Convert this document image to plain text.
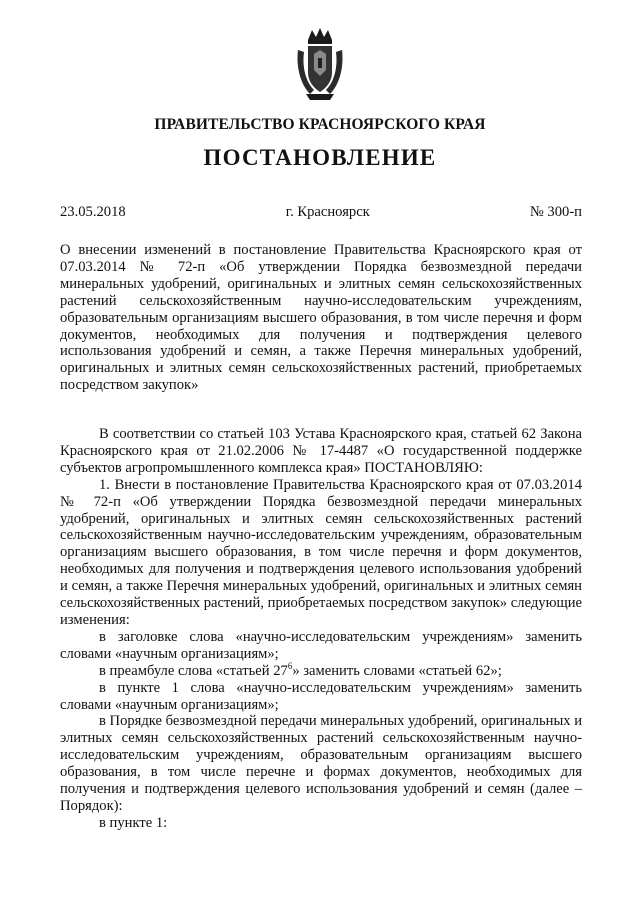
ПРАВИТЕЛЬСТВО КРАСНОЯРСКОГО КРАЯ
ПОСТАНОВЛЕНИЕ
23.05.2018	г. Красноярск	№ 300-п

О внесении изменений в постановление Правительства Красноярского края от 07.03.2014 № 72-п «Об утверждении Порядка безвозмездной передачи минеральных удобрений, оригинальных и элитных семян сельскохозяйственных растений сельскохозяйственным научно-исследовательским учреждениям, образовательным организациям высшего образования, в том числе перечня и форм документов, необходимых для получения и подтверждения целевого использования удобрений и семян, а также Перечня минеральных удобрений, оригинальных и элитных семян сельскохозяйственных растений, приобретаемых посредством закупок»

В соответствии со статьей 103 Устава Красноярского края, статьей 62 Закона Красноярского края от 21.02.2006 № 17-4487 «О государственной поддержке субъектов агропромышленного комплекса края» ПОСТАНОВЛЯЮ:

1. Внести в постановление Правительства Красноярского края от 07.03.2014 № 72-п «Об утверждении Порядка безвозмездной передачи минеральных удобрений, оригинальных и элитных семян сельскохозяйственных растений сельскохозяйственным научно-исследовательским учреждениям, образовательным организациям высшего образования, в том числе перечня и форм документов, необходимых для получения и подтверждения целевого использования удобрений и семян, а также Перечня минеральных удобрений, оригинальных и элитных семян сельскохозяйственных растений, приобретаемых посредством закупок» следующие изменения:

в заголовке слова «научно-исследовательским учреждениям» заменить словами «научным организациям»;

в преамбуле слова «статьей $27^6$» заменить словами «статьей 62»;

в пункте 1 слова «научно-исследовательским учреждениям» заменить словами «научным организациям»;

в Порядке безвозмездной передачи минеральных удобрений, оригинальных и элитных семян сельскохозяйственных растений сельскохозяйственным научно-исследовательским учреждениям, образовательным организациям высшего образования, в том числе перечне и формах документов, необходимых для получения и подтверждения целевого использования удобрений и семян (далее – Порядок):

в пункте 1:
